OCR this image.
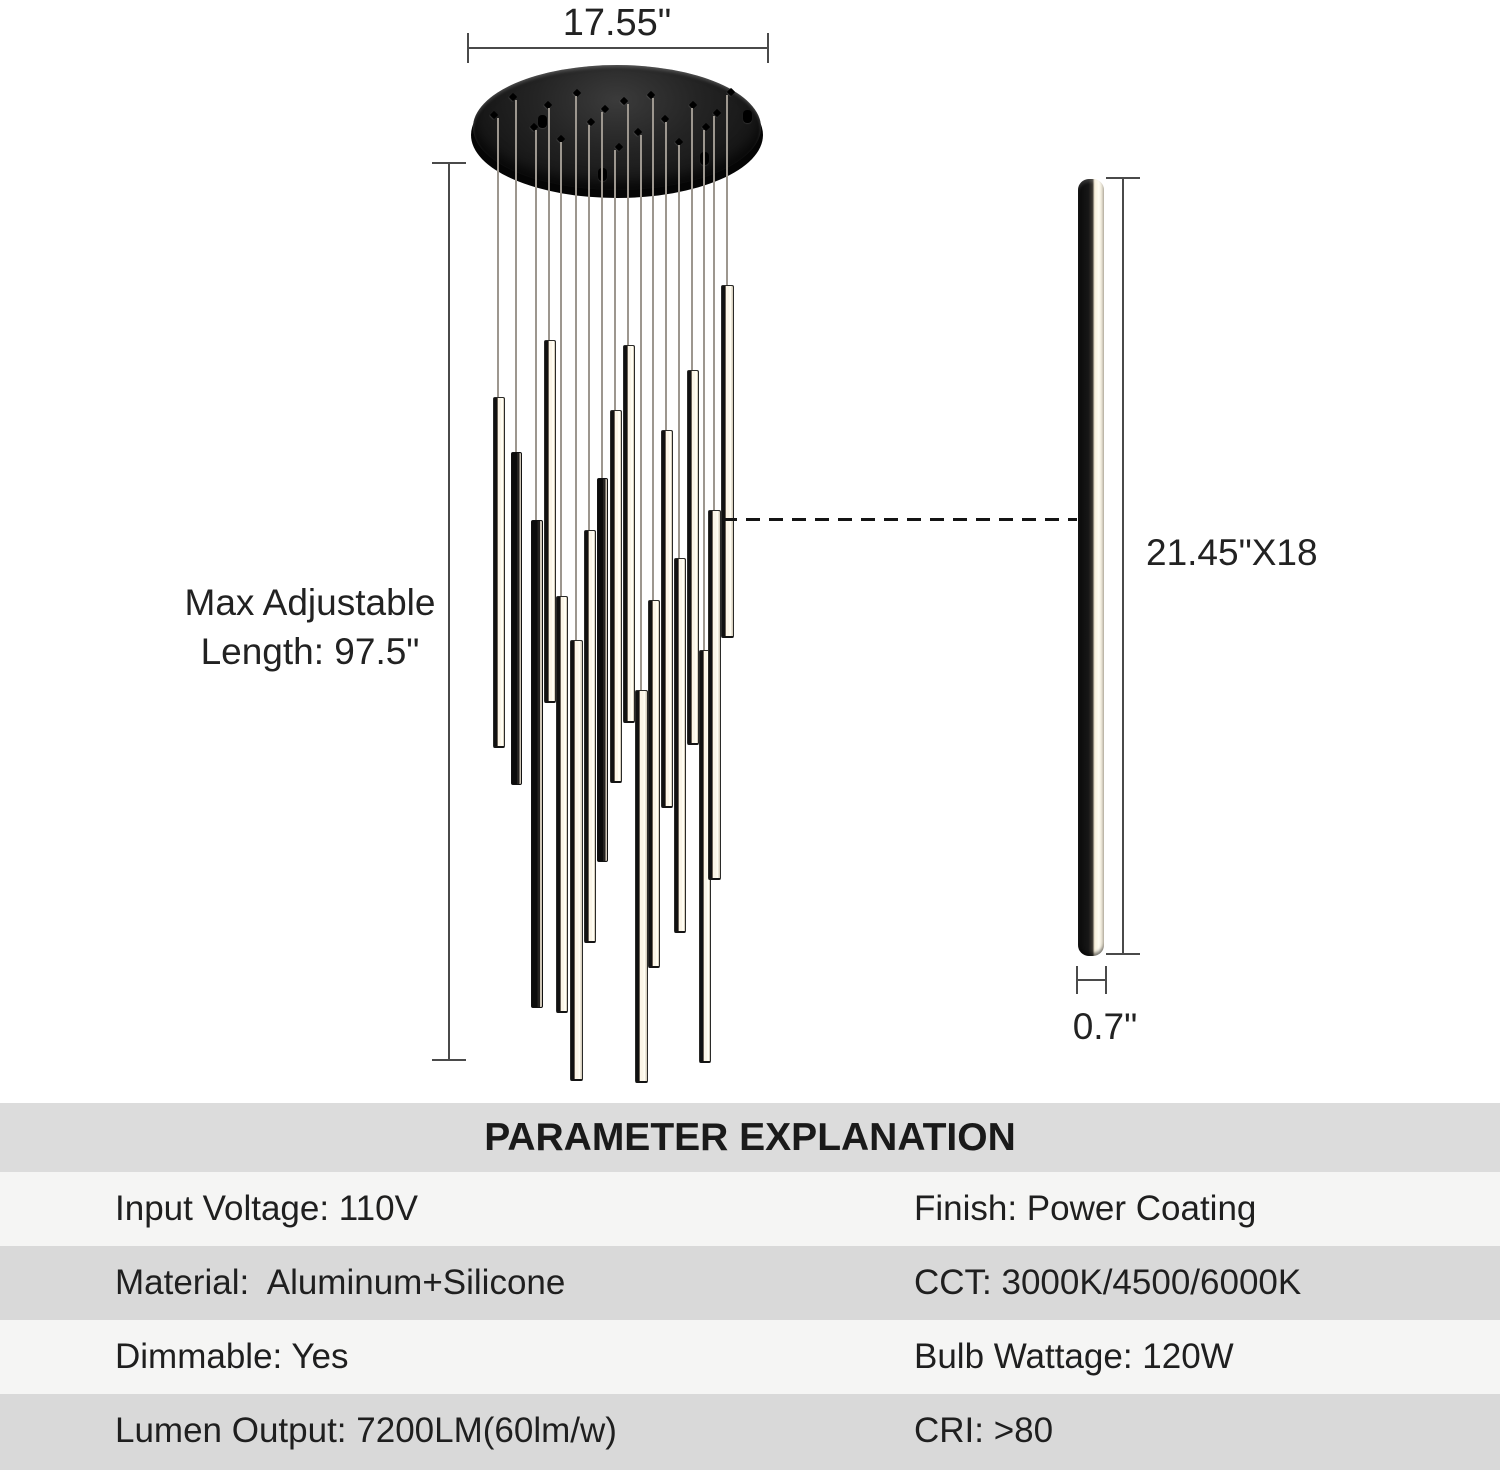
17.55"
Max Adjustable
Length: 97.5"
21.45"X18
0.7"
PARAMETER EXPLANATION
Input Voltage: 110V	Finish: Power Coating
Material:  Aluminum+Silicone	CCT: 3000K/4500/6000K
Dimmable: Yes	Bulb Wattage: 120W
Lumen Output: 7200LM(60lm/w)	CRI: >80
